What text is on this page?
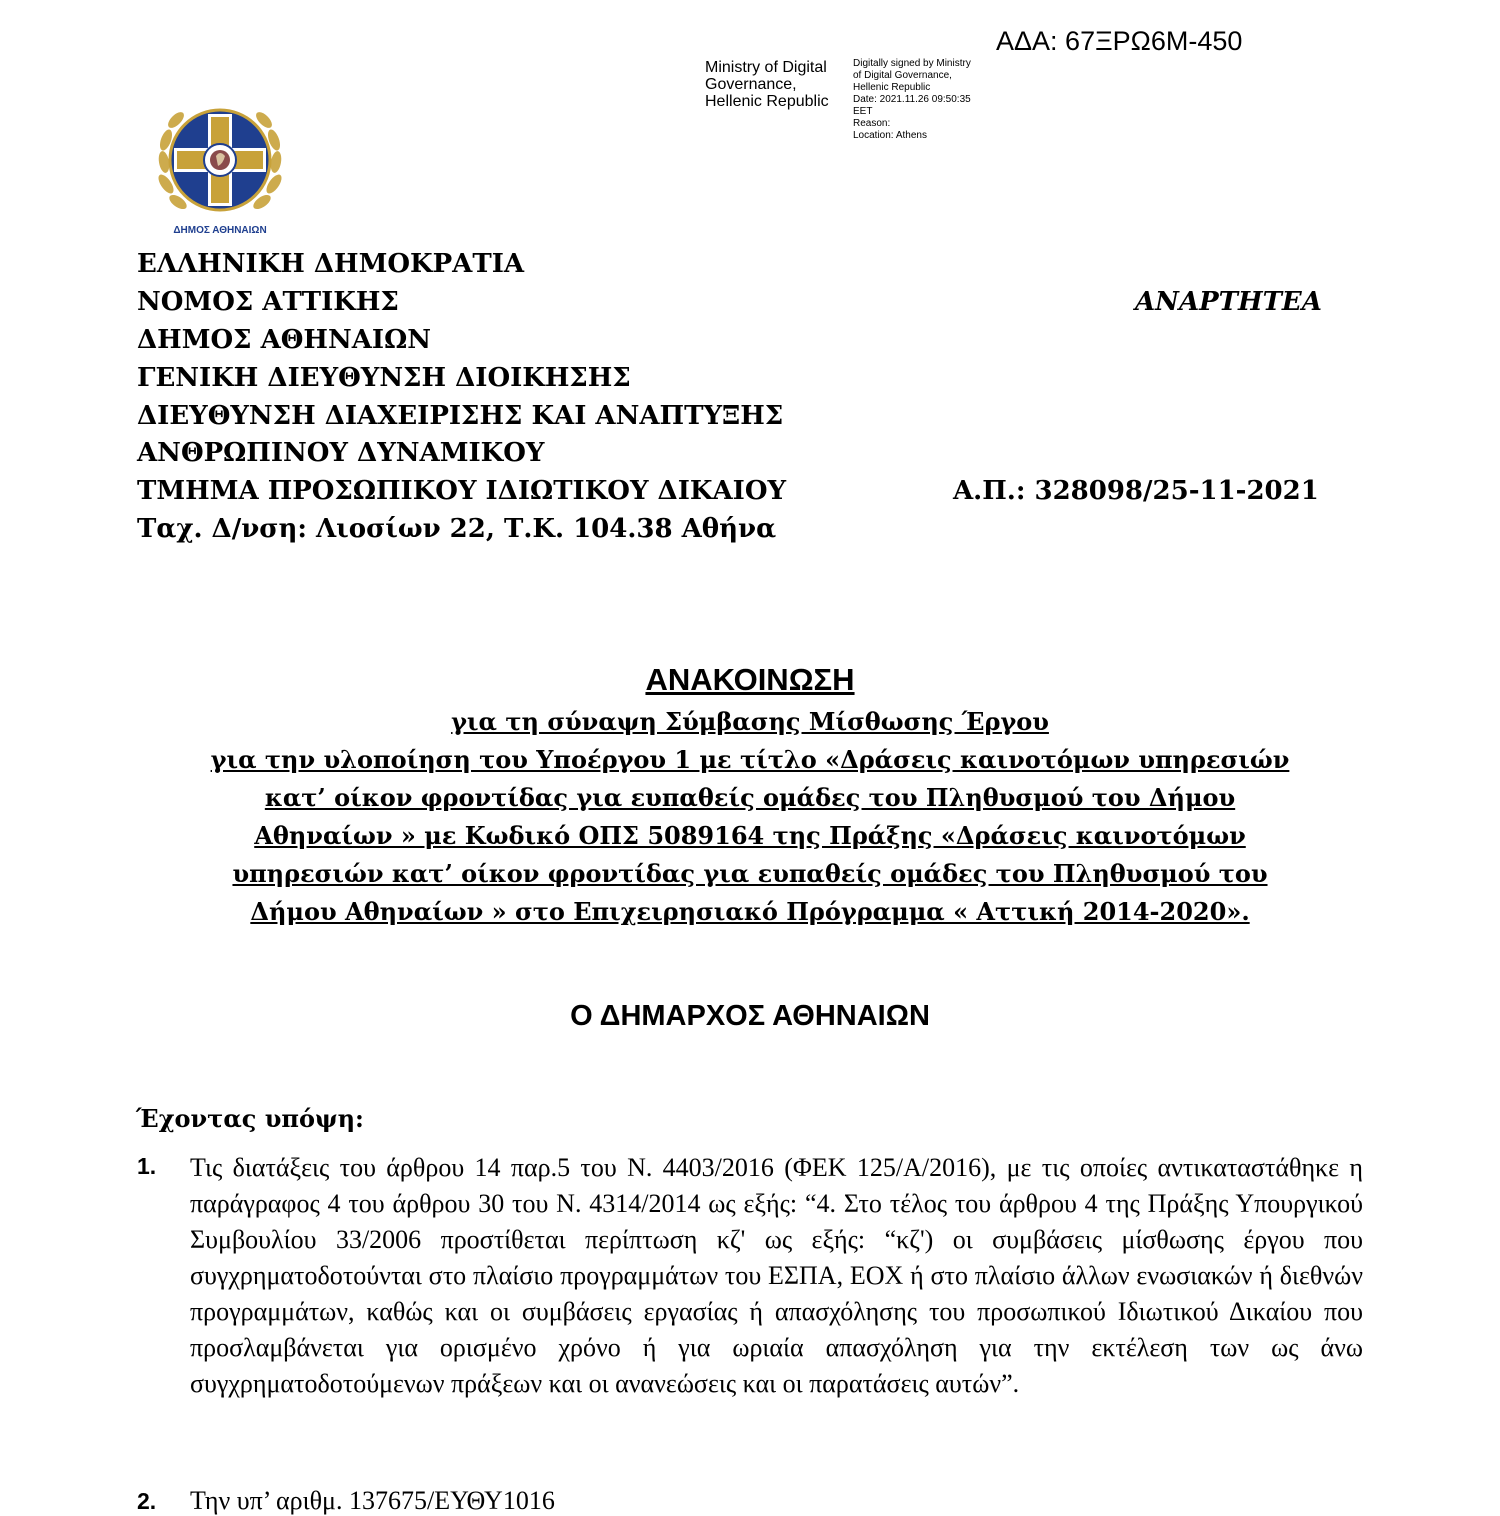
ΑΔΑ: 67ΞΡΩ6Μ-450
Ministry of Digital
Governance,
Hellenic Republic
Digitally signed by Ministry
of Digital Governance,
Hellenic Republic
Date: 2021.11.26 09:50:35
EET
Reason:
Location: Athens
ΔΗΜΟΣ ΑΘΗΝΑΙΩΝ
ΕΛΛΗΝΙΚΗ ΔΗΜΟΚΡΑΤΙΑ
ΝΟΜΟΣ ΑΤΤΙΚΗΣ
ΔΗΜΟΣ ΑΘΗΝΑΙΩΝ
ΓΕΝΙΚΗ ΔΙΕΥΘΥΝΣΗ ΔΙΟΙΚΗΣΗΣ
ΔΙΕΥΘΥΝΣΗ ΔΙΑΧΕΙΡΙΣΗΣ ΚΑΙ ΑΝΑΠΤΥΞΗΣ
ΑΝΘΡΩΠΙΝΟΥ ΔΥΝΑΜΙΚΟΥ
ΤΜΗΜΑ ΠΡΟΣΩΠΙΚΟΥ ΙΔΙΩΤΙΚΟΥ ΔΙΚΑΙΟΥ
Ταχ. Δ/νση: Λιοσίων 22, Τ.Κ. 104.38 Αθήνα
ΑΝΑΡΤΗΤΕΑ
Α.Π.: 328098/25-11-2021
ΑΝΑΚΟΙΝΩΣΗ
για τη σύναψη Σύμβασης Μίσθωσης Έργου
για την υλοποίηση του Υποέργου 1 με τίτλο «Δράσεις καινοτόμων υπηρεσιών
κατ’ οίκον φροντίδας για ευπαθείς ομάδες του Πληθυσμού του Δήμου
Αθηναίων » με Κωδικό ΟΠΣ 5089164 της Πράξης «Δράσεις καινοτόμων
υπηρεσιών κατ’ οίκον φροντίδας για ευπαθείς ομάδες του Πληθυσμού του
Δήμου Αθηναίων » στο Επιχειρησιακό Πρόγραμμα « Αττική 2014-2020».
Ο ΔΗΜΑΡΧΟΣ ΑΘΗΝΑΙΩΝ
Έχοντας υπόψη:
1. Τις διατάξεις του άρθρου 14 παρ.5 του Ν. 4403/2016 (ΦΕΚ 125/Α/2016), με τις οποίες αντικαταστάθηκε η παράγραφος 4 του άρθρου 30 του Ν. 4314/2014 ως εξής: “4. Στο τέλος του άρθρου 4 της Πράξης Υπουργικού Συμβουλίου 33/2006 προστίθεται περίπτωση κζ' ως εξής: “κζ') οι συμβάσεις μίσθωσης έργου που συγχρηματοδοτούνται στο πλαίσιο προγραμμάτων του ΕΣΠΑ, ΕΟΧ ή στο πλαίσιο άλλων ενωσιακών ή διεθνών προγραμμάτων, καθώς και οι συμβάσεις εργασίας ή απασχόλησης του προσωπικού Ιδιωτικού Δικαίου που προσλαμβάνεται για ορισμένο χρόνο ή για ωριαία απασχόληση για την εκτέλεση των ως άνω συγχρηματοδοτούμενων πράξεων και οι ανανεώσεις και οι παρατάσεις αυτών”.
2. Την υπ’ αριθμ. 137675/ΕΥΘΥ1016
